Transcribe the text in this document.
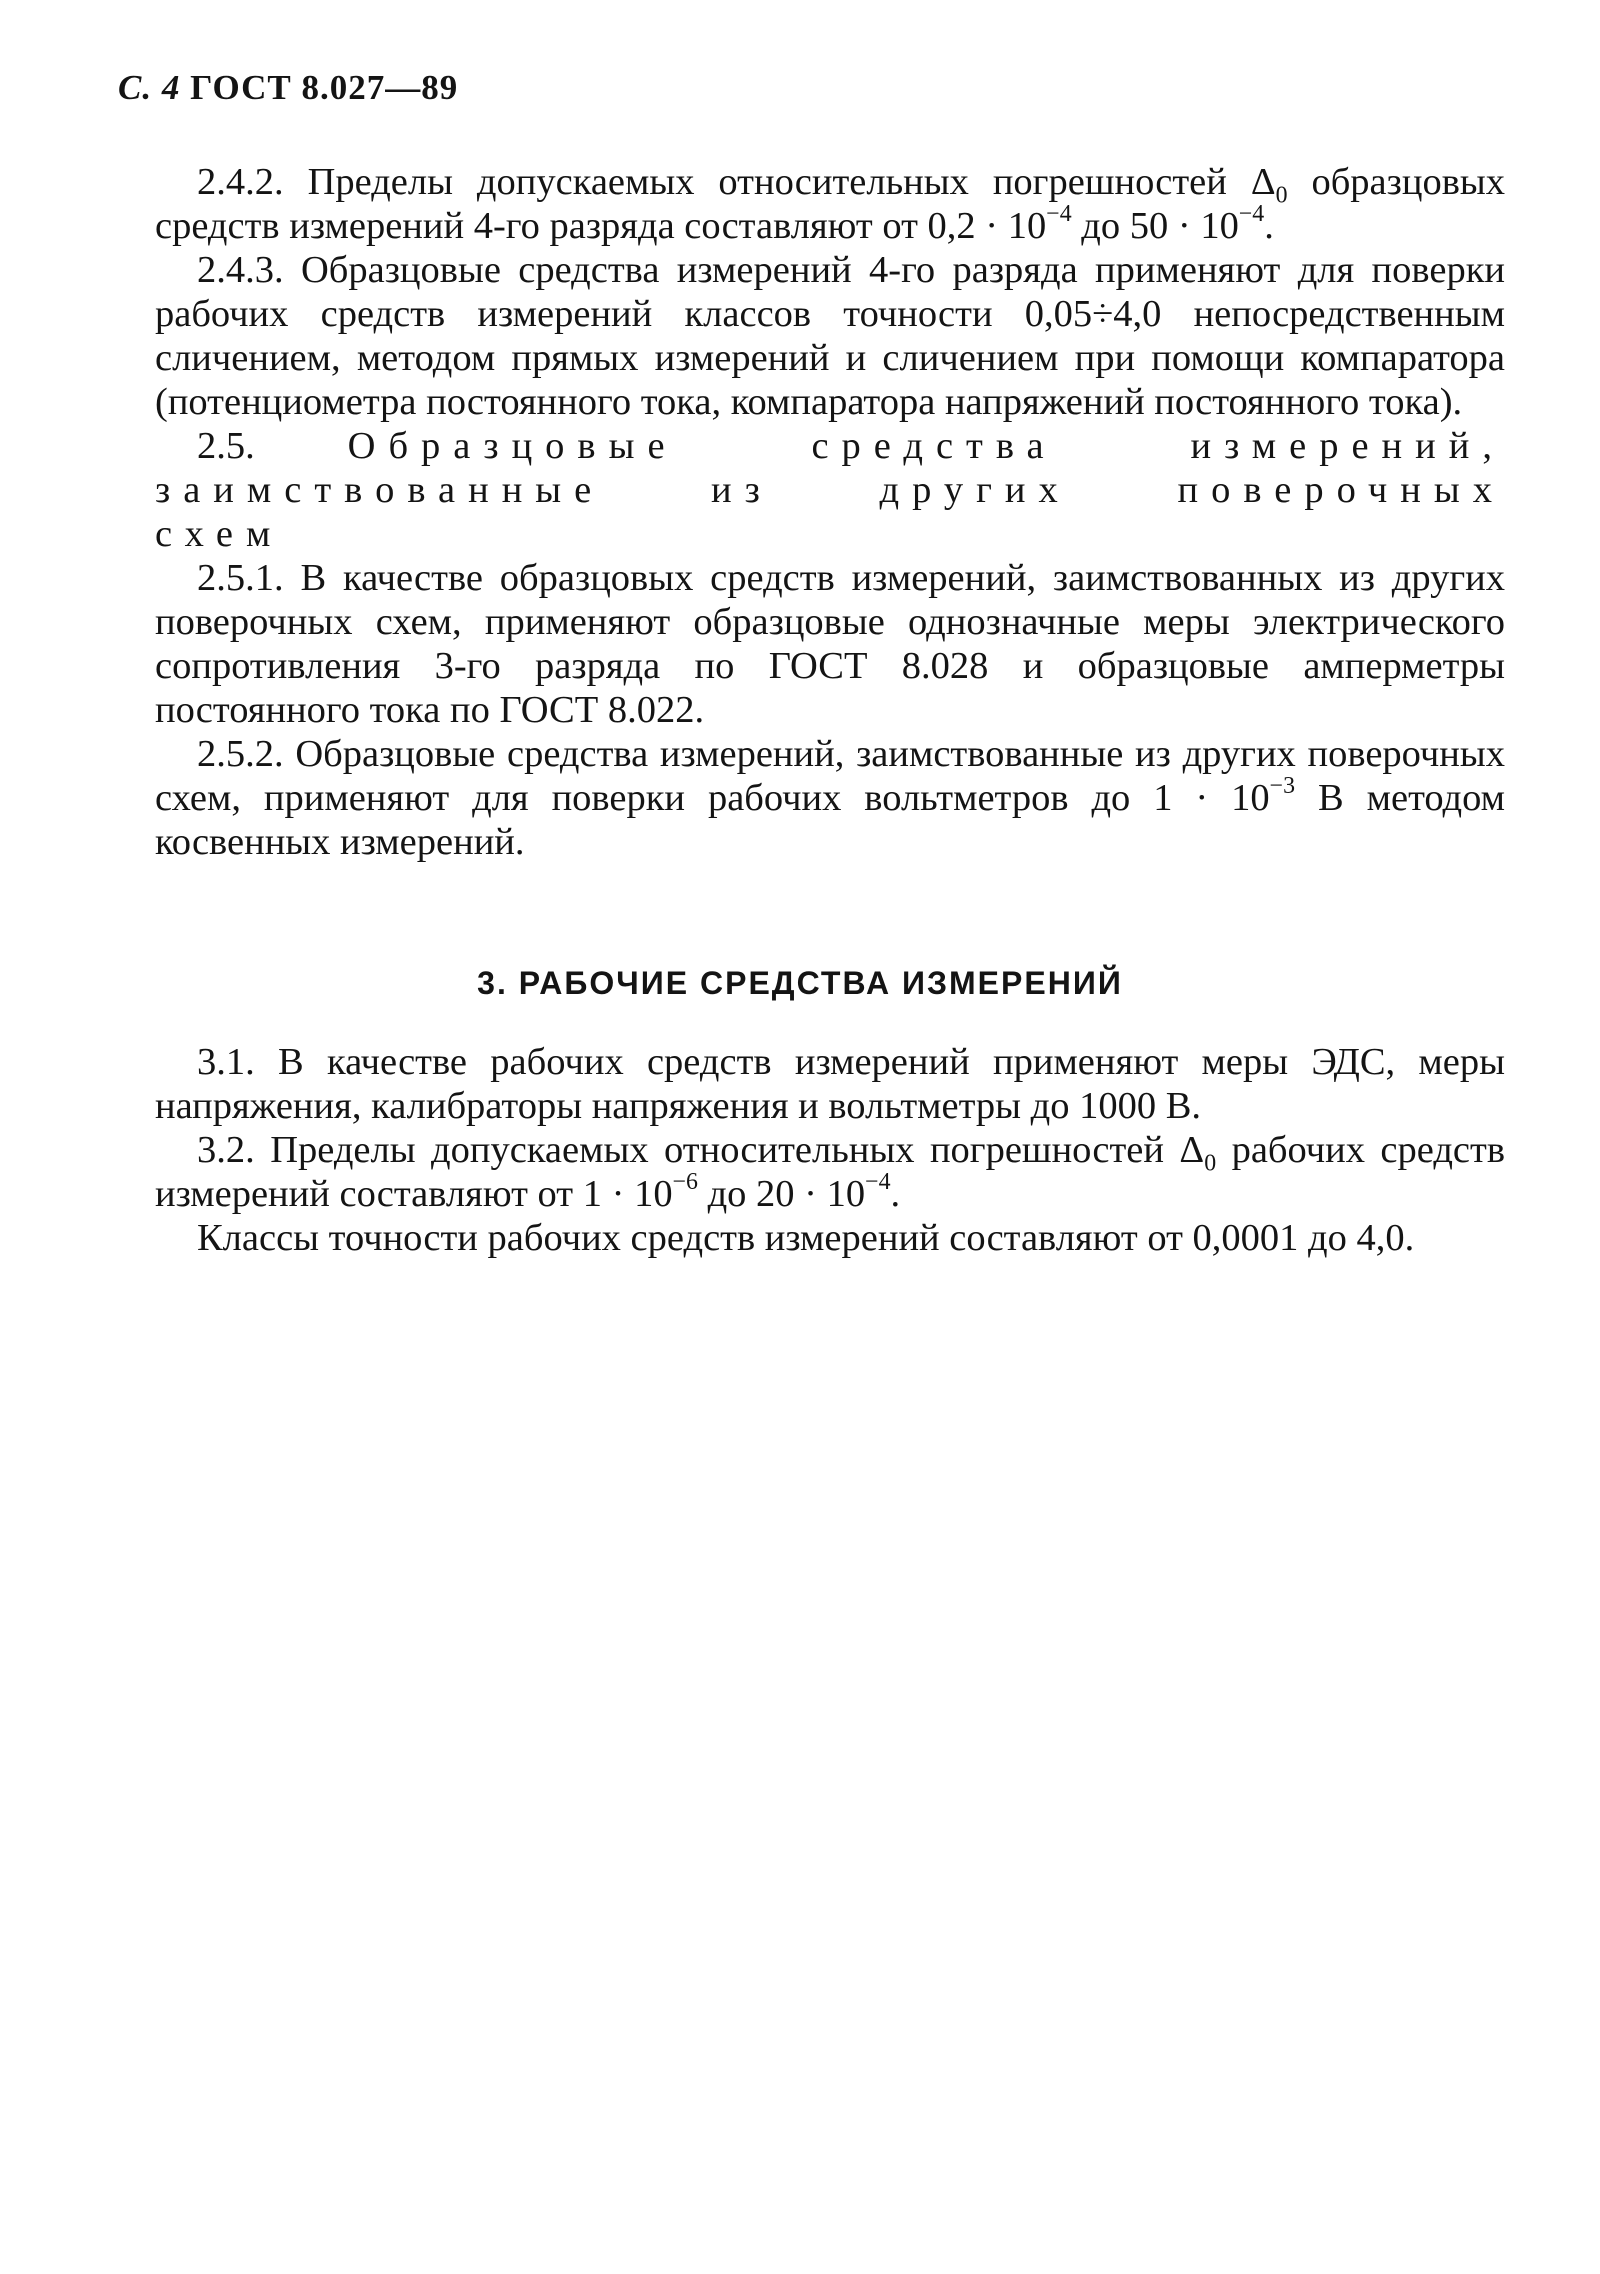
С. 4 ГОСТ 8.027—89

2.4.2. Пределы допускаемых относительных погрешностей $\Delta_0$ образцовых средств измерений 4-го разряда составляют от $0,2 \cdot 10^{-4}$ до $50 \cdot 10^{-4}$.

2.4.3. Образцовые средства измерений 4-го разряда применяют для поверки рабочих средств измерений классов точности 0,05÷4,0 непосредственным сличением, методом прямых измерений и сличением при помощи компаратора (потенциометра постоянного тока, компаратора напряжений постоянного тока).

2.5. Образцовые средства измерений, заимствованные из других поверочных схем

2.5.1. В качестве образцовых средств измерений, заимствованных из других поверочных схем, применяют образцовые однозначные меры электрического сопротивления 3-го разряда по ГОСТ 8.028 и образцовые амперметры постоянного тока по ГОСТ 8.022.

2.5.2. Образцовые средства измерений, заимствованные из других поверочных схем, применяют для поверки рабочих вольтметров до $1 \cdot 10^{-3}$ В методом косвенных измерений.

3. РАБОЧИЕ СРЕДСТВА ИЗМЕРЕНИЙ

3.1. В качестве рабочих средств измерений применяют меры ЭДС, меры напряжения, калибраторы напряжения и вольтметры до 1000 В.

3.2. Пределы допускаемых относительных погрешностей $\Delta_0$ рабочих средств измерений составляют от $1 \cdot 10^{-6}$ до $20 \cdot 10^{-4}$.

Классы точности рабочих средств измерений составляют от 0,0001 до 4,0.
